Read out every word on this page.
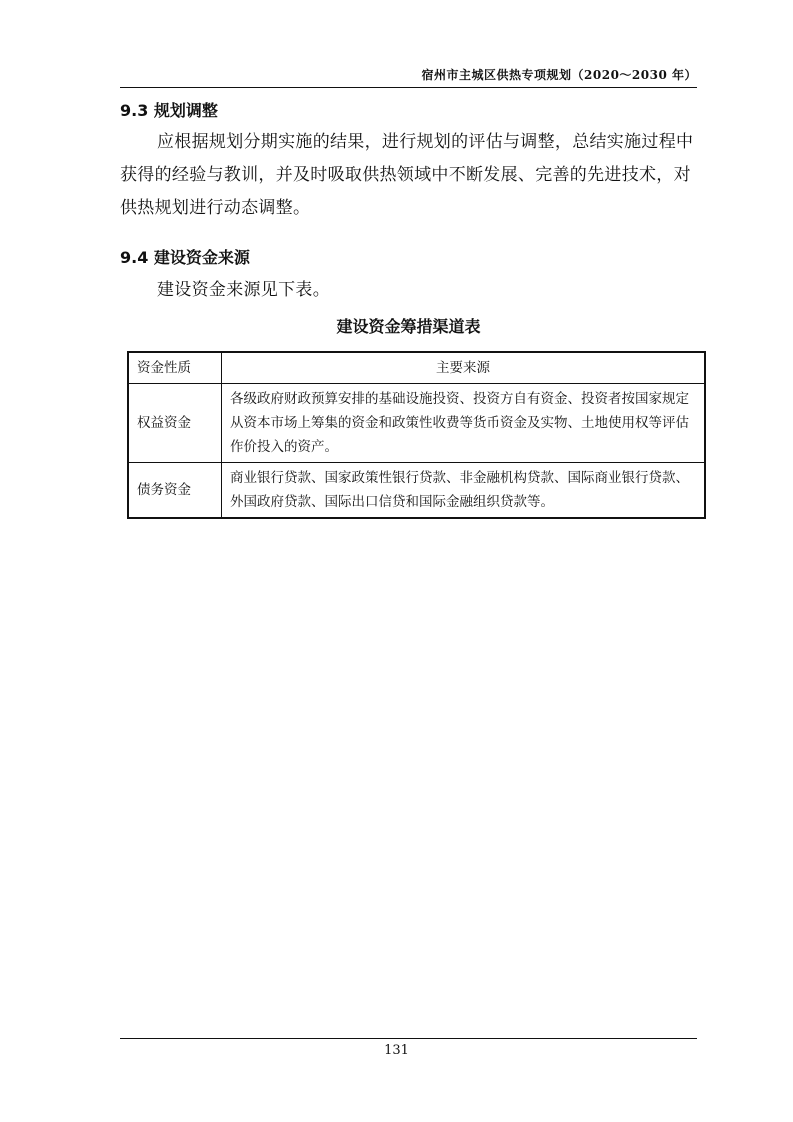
宿州市主城区供热专项规划（2020～2030 年）
9.3 规划调整
应根据规划分期实施的结果，进行规划的评估与调整，总结实施过程中获得的经验与教训，并及时吸取供热领域中不断发展、完善的先进技术，对供热规划进行动态调整。
9.4 建设资金来源
建设资金来源见下表。
建设资金筹措渠道表
资金性质	主要来源
权益资金	各级政府财政预算安排的基础设施投资、投资方自有资金、投资者按国家规定从资本市场上筹集的资金和政策性收费等货币资金及实物、土地使用权等评估作价投入的资产。
债务资金	商业银行贷款、国家政策性银行贷款、非金融机构贷款、国际商业银行贷款、外国政府贷款、国际出口信贷和国际金融组织贷款等。
131
